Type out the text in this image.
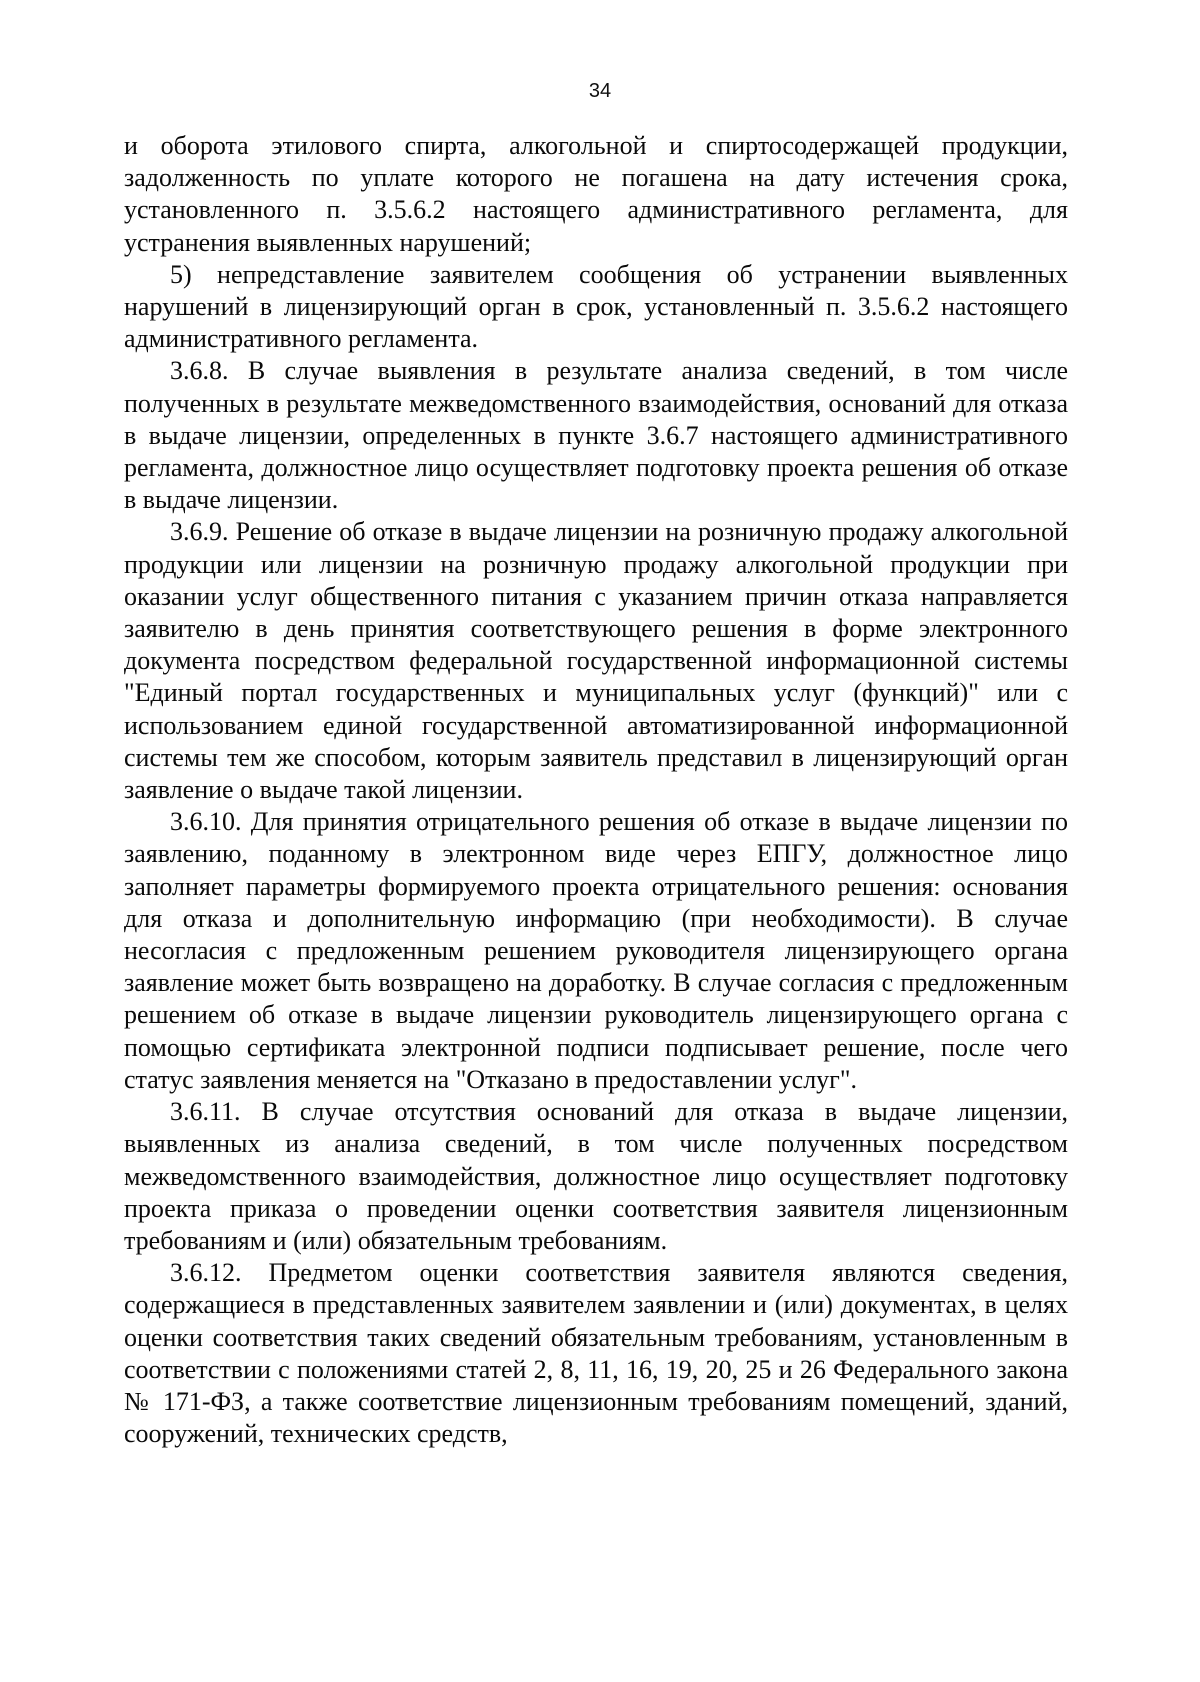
34

и оборота этилового спирта, алкогольной и спиртосодержащей продукции, задолженность по уплате которого не погашена на дату истечения срока, установленного п. 3.5.6.2 настоящего административного регламента, для устранения выявленных нарушений;

5) непредставление заявителем сообщения об устранении выявленных нарушений в лицензирующий орган в срок, установленный п. 3.5.6.2 настоящего административного регламента.

3.6.8. В случае выявления в результате анализа сведений, в том числе полученных в результате межведомственного взаимодействия, оснований для отказа в выдаче лицензии, определенных в пункте 3.6.7 настоящего административного регламента, должностное лицо осуществляет подготовку проекта решения об отказе в выдаче лицензии.

3.6.9. Решение об отказе в выдаче лицензии на розничную продажу алкогольной продукции или лицензии на розничную продажу алкогольной продукции при оказании услуг общественного питания с указанием причин отказа направляется заявителю в день принятия соответствующего решения в форме электронного документа посредством федеральной государственной информационной системы "Единый портал государственных и муниципальных услуг (функций)" или с использованием единой государственной автоматизированной информационной системы тем же способом, которым заявитель представил в лицензирующий орган заявление о выдаче такой лицензии.

3.6.10. Для принятия отрицательного решения об отказе в выдаче лицензии по заявлению, поданному в электронном виде через ЕПГУ, должностное лицо заполняет параметры формируемого проекта отрицательного решения: основания для отказа и дополнительную информацию (при необходимости). В случае несогласия с предложенным решением руководителя лицензирующего органа заявление может быть возвращено на доработку. В случае согласия с предложенным решением об отказе в выдаче лицензии руководитель лицензирующего органа с помощью сертификата электронной подписи подписывает решение, после чего статус заявления меняется на "Отказано в предоставлении услуг".

3.6.11. В случае отсутствия оснований для отказа в выдаче лицензии, выявленных из анализа сведений, в том числе полученных посредством межведомственного взаимодействия, должностное лицо осуществляет подготовку проекта приказа о проведении оценки соответствия заявителя лицензионным требованиям и (или) обязательным требованиям.

3.6.12. Предметом оценки соответствия заявителя являются сведения, содержащиеся в представленных заявителем заявлении и (или) документах, в целях оценки соответствия таких сведений обязательным требованиям, установленным в соответствии с положениями статей 2, 8, 11, 16, 19, 20, 25 и 26 Федерального закона № 171-ФЗ, а также соответствие лицензионным требованиям помещений, зданий, сооружений, технических средств,
